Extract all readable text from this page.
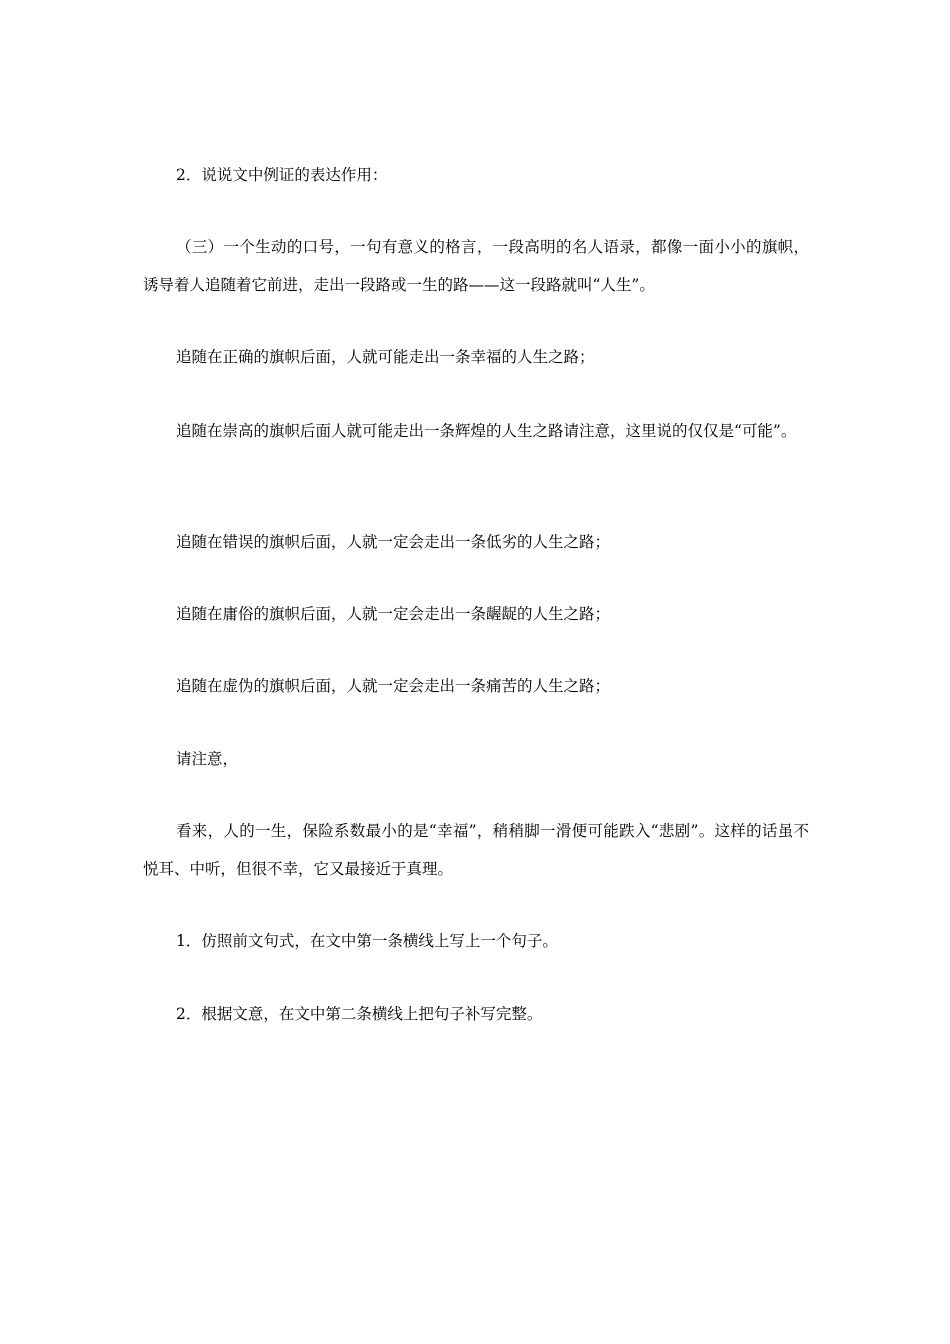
2．说说文中例证的表达作用：

（三）一个生动的口号，一句有意义的格言，一段高明的名人语录，都像一面小小的旗帜，诱导着人追随着它前进，走出一段路或一生的路——这一段路就叫“人生”。

追随在正确的旗帜后面，人就可能走出一条幸福的人生之路；

追随在崇高的旗帜后面人就可能走出一条辉煌的人生之路请注意，这里说的仅仅是“可能”。

追随在错误的旗帜后面，人就一定会走出一条低劣的人生之路；

追随在庸俗的旗帜后面，人就一定会走出一条龌龊的人生之路；

追随在虚伪的旗帜后面，人就一定会走出一条痛苦的人生之路；

请注意，

看来，人的一生，保险系数最小的是“幸福”，稍稍脚一滑便可能跌入“悲剧”。这样的话虽不悦耳、中听，但很不幸，它又最接近于真理。

1．仿照前文句式，在文中第一条横线上写上一个句子。

2．根据文意，在文中第二条横线上把句子补写完整。
